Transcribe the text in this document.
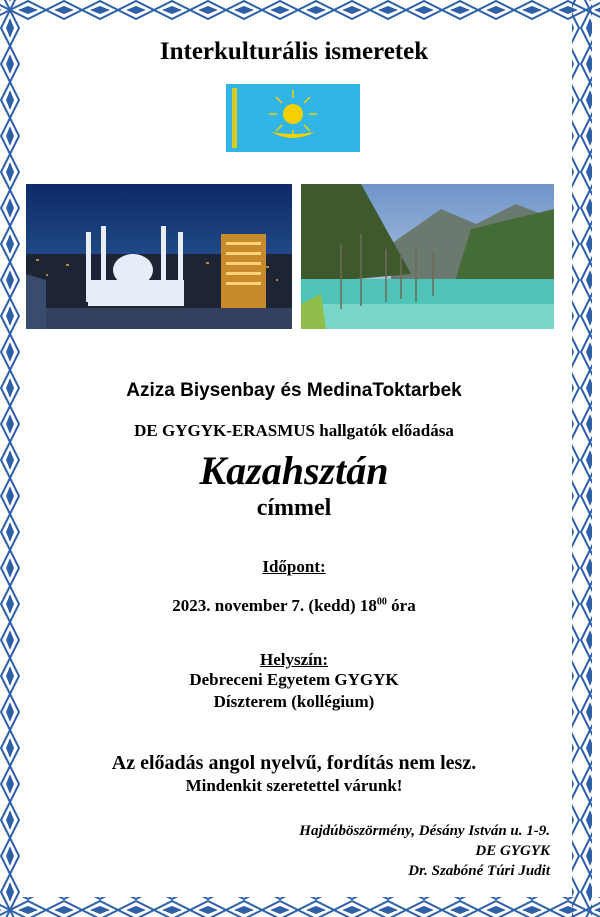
Interkulturális ismeretek
Aziza Biysenbay és MedinaToktarbek
DE GYGYK-ERASMUS hallgatók előadása
Kazahsztán
címmel
Időpont:
2023. november 7. (kedd) $18^{00}$ óra
Helyszín:
Debreceni Egyetem GYGYK
Díszterem (kollégium)
Az előadás angol nyelvű, fordítás nem lesz.
Mindenkit szeretettel várunk!
Hajdúböszörmény, Désány István u. 1-9.
DE GYGYK
Dr. Szabóné Túri Judit
